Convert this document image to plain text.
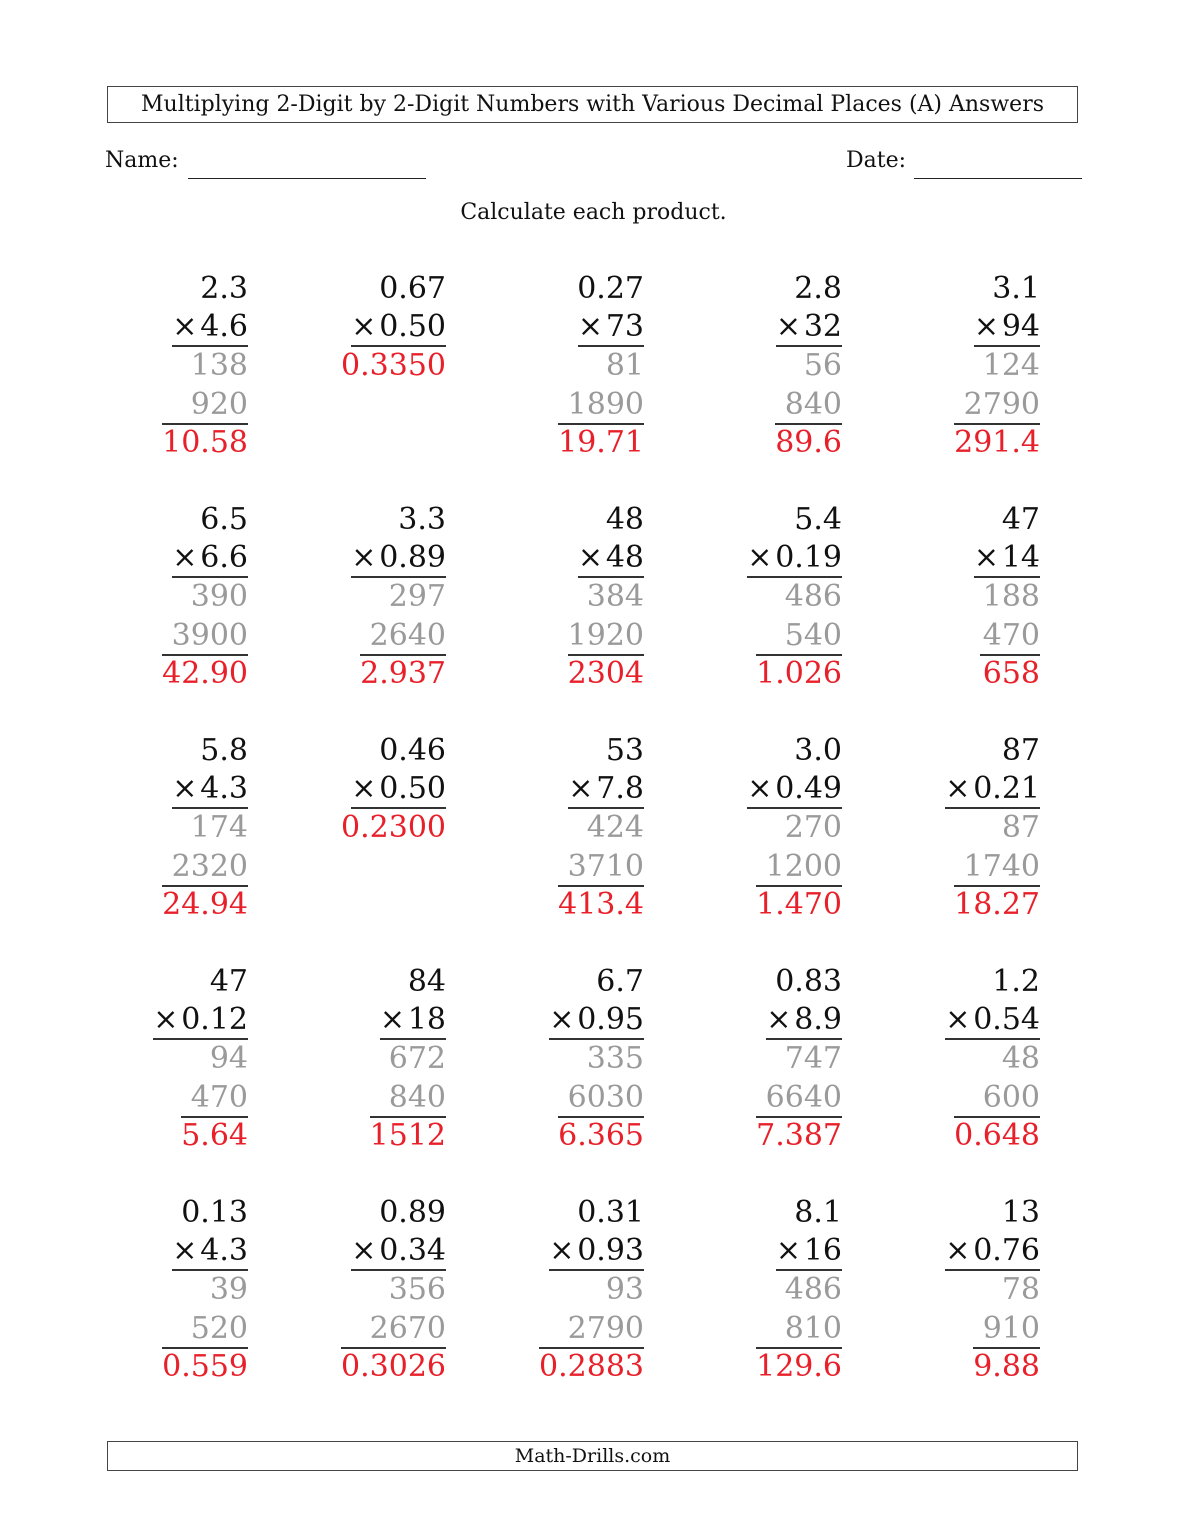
Multiplying 2-Digit by 2-Digit Numbers with Various Decimal Places (A) Answers
Name:	Date:
Calculate each product.
2.3
×4.6
138
920
10.58
0.67
×0.50
0.3350
0.27
×73
81
1890
19.71
2.8
×32
56
840
89.6
3.1
×94
124
2790
291.4
6.5
×6.6
390
3900
42.90
3.3
×0.89
297
2640
2.937
48
×48
384
1920
2304
5.4
×0.19
486
540
1.026
47
×14
188
470
658
5.8
×4.3
174
2320
24.94
0.46
×0.50
0.2300
53
×7.8
424
3710
413.4
3.0
×0.49
270
1200
1.470
87
×0.21
87
1740
18.27
47
×0.12
94
470
5.64
84
×18
672
840
1512
6.7
×0.95
335
6030
6.365
0.83
×8.9
747
6640
7.387
1.2
×0.54
48
600
0.648
0.13
×4.3
39
520
0.559
0.89
×0.34
356
2670
0.3026
0.31
×0.93
93
2790
0.2883
8.1
×16
486
810
129.6
13
×0.76
78
910
9.88
Math-Drills.com
